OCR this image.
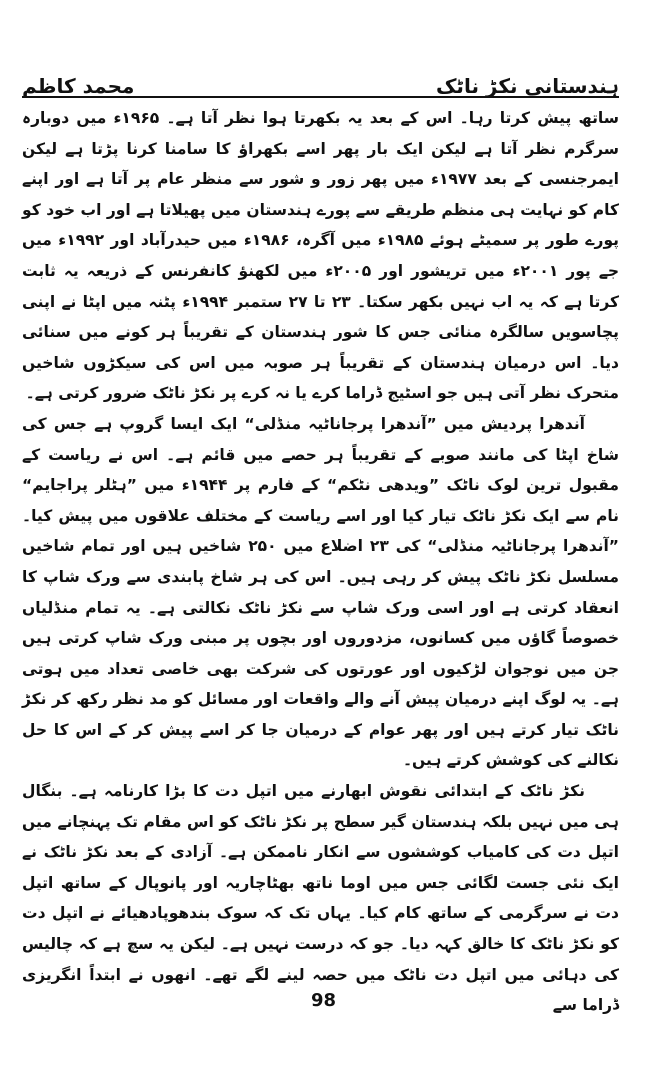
ہندستانی نکڑ ناٹک
محمد کاظم

ساتھ پیش کرتا رہا۔ اس کے بعد یہ بکھرتا ہوا نظر آتا ہے۔ ۱۹۶۵ء میں دوبارہ سرگرم نظر آتا ہے لیکن ایک بار پھر اسے بکھراؤ کا سامنا کرنا پڑتا ہے لیکن ایمرجنسی کے بعد ۱۹۷۷ء میں پھر زور و شور سے منظر عام پر آتا ہے اور اپنے کام کو نہایت ہی منظم طریقے سے پورے ہندستان میں پھیلاتا ہے اور اب خود کو پورے طور پر سمیٹے ہوئے ۱۹۸۵ء میں آگرہ، ۱۹۸۶ء میں حیدرآباد اور ۱۹۹۲ء میں جے پور ۲۰۰۱ء میں تریشور اور ۲۰۰۵ء میں لکھنؤ کانفرنس کے ذریعہ یہ ثابت کرتا ہے کہ یہ اب نہیں بکھر سکتا۔ ۲۳ تا ۲۷ ستمبر ۱۹۹۴ء پٹنہ میں اپٹا نے اپنی پچاسویں سالگرہ منائی جس کا شور ہندستان کے تقریباً ہر کونے میں سنائی دیا۔ اس درمیان ہندستان کے تقریباً ہر صوبہ میں اس کی سیکڑوں شاخیں متحرک نظر آتی ہیں جو اسٹیج ڈراما کرے یا نہ کرے پر نکڑ ناٹک ضرور کرتی ہے۔

آندھرا پردیش میں ”آندھرا پرجاناٹیہ منڈلی“ ایک ایسا گروپ ہے جس کی شاخ اپٹا کی مانند صوبے کے تقریباً ہر حصے میں قائم ہے۔ اس نے ریاست کے مقبول ترین لوک ناٹک ”ویدھی نٹکم“ کے فارم پر ۱۹۴۴ء میں ”ہٹلر پراجایم“ نام سے ایک نکڑ ناٹک تیار کیا اور اسے ریاست کے مختلف علاقوں میں پیش کیا۔ ”آندھرا پرجاناٹیہ منڈلی“ کی ۲۳ اضلاع میں ۲۵۰ شاخیں ہیں اور تمام شاخیں مسلسل نکڑ ناٹک پیش کر رہی ہیں۔ اس کی ہر شاخ پابندی سے ورک شاپ کا انعقاد کرتی ہے اور اسی ورک شاپ سے نکڑ ناٹک نکالتی ہے۔ یہ تمام منڈلیاں خصوصاً گاؤں میں کسانوں، مزدوروں اور بچوں پر مبنی ورک شاپ کرتی ہیں جن میں نوجوان لڑکیوں اور عورتوں کی شرکت بھی خاصی تعداد میں ہوتی ہے۔ یہ لوگ اپنے درمیان پیش آنے والے واقعات اور مسائل کو مد نظر رکھ کر نکڑ ناٹک تیار کرتے ہیں اور پھر عوام کے درمیان جا کر اسے پیش کر کے اس کا حل نکالنے کی کوشش کرتے ہیں۔

نکڑ ناٹک کے ابتدائی نقوش ابھارنے میں اتپل دت کا بڑا کارنامہ ہے۔ بنگال ہی میں نہیں بلکہ ہندستان گیر سطح پر نکڑ ناٹک کو اس مقام تک پہنچانے میں اتپل دت کی کامیاب کوششوں سے انکار ناممکن ہے۔ آزادی کے بعد نکڑ ناٹک نے ایک نئی جست لگائی جس میں اوما ناتھ بھٹاچاریہ اور پانوپال کے ساتھ اتپل دت نے سرگرمی کے ساتھ کام کیا۔ یہاں تک کہ سوک بندھوپادھیائے نے اتپل دت کو نکڑ ناٹک کا خالق کہہ دیا۔ جو کہ درست نہیں ہے۔ لیکن یہ سچ ہے کہ چالیس کی دہائی میں اتپل دت ناٹک میں حصہ لینے لگے تھے۔ انھوں نے ابتداً انگریزی ڈراما سے

98
